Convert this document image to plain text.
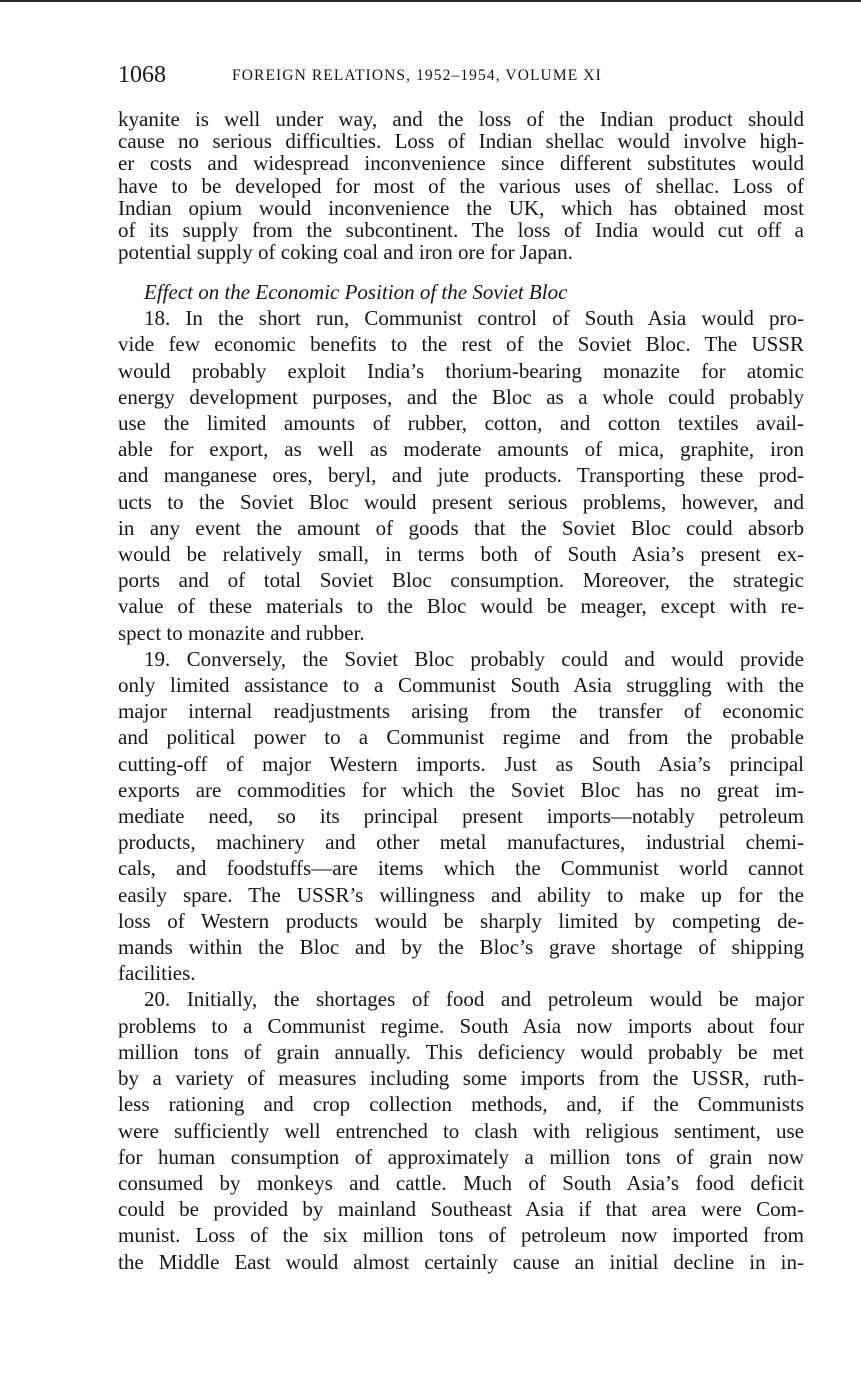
1068	FOREIGN RELATIONS, 1952–1954, VOLUME XI
kyanite is well under way, and the loss of the Indian product should
cause no serious difficulties. Loss of Indian shellac would involve high-
er costs and widespread inconvenience since different substitutes would
have to be developed for most of the various uses of shellac. Loss of
Indian opium would inconvenience the UK, which has obtained most
of its supply from the subcontinent. The loss of India would cut off a
potential supply of coking coal and iron ore for Japan.
Effect on the Economic Position of the Soviet Bloc
18. In the short run, Communist control of South Asia would pro-
vide few economic benefits to the rest of the Soviet Bloc. The USSR
would probably exploit India’s thorium-bearing monazite for atomic
energy development purposes, and the Bloc as a whole could probably
use the limited amounts of rubber, cotton, and cotton textiles avail-
able for export, as well as moderate amounts of mica, graphite, iron
and manganese ores, beryl, and jute products. Transporting these prod-
ucts to the Soviet Bloc would present serious problems, however, and
in any event the amount of goods that the Soviet Bloc could absorb
would be relatively small, in terms both of South Asia’s present ex-
ports and of total Soviet Bloc consumption. Moreover, the strategic
value of these materials to the Bloc would be meager, except with re-
spect to monazite and rubber.
19. Conversely, the Soviet Bloc probably could and would provide
only limited assistance to a Communist South Asia struggling with the
major internal readjustments arising from the transfer of economic
and political power to a Communist regime and from the probable
cutting-off of major Western imports. Just as South Asia’s principal
exports are commodities for which the Soviet Bloc has no great im-
mediate need, so its principal present imports—notably petroleum
products, machinery and other metal manufactures, industrial chemi-
cals, and foodstuffs—are items which the Communist world cannot
easily spare. The USSR’s willingness and ability to make up for the
loss of Western products would be sharply limited by competing de-
mands within the Bloc and by the Bloc’s grave shortage of shipping
facilities.
20. Initially, the shortages of food and petroleum would be major
problems to a Communist regime. South Asia now imports about four
million tons of grain annually. This deficiency would probably be met
by a variety of measures including some imports from the USSR, ruth-
less rationing and crop collection methods, and, if the Communists
were sufficiently well entrenched to clash with religious sentiment, use
for human consumption of approximately a million tons of grain now
consumed by monkeys and cattle. Much of South Asia’s food deficit
could be provided by mainland Southeast Asia if that area were Com-
munist. Loss of the six million tons of petroleum now imported from
the Middle East would almost certainly cause an initial decline in in-
